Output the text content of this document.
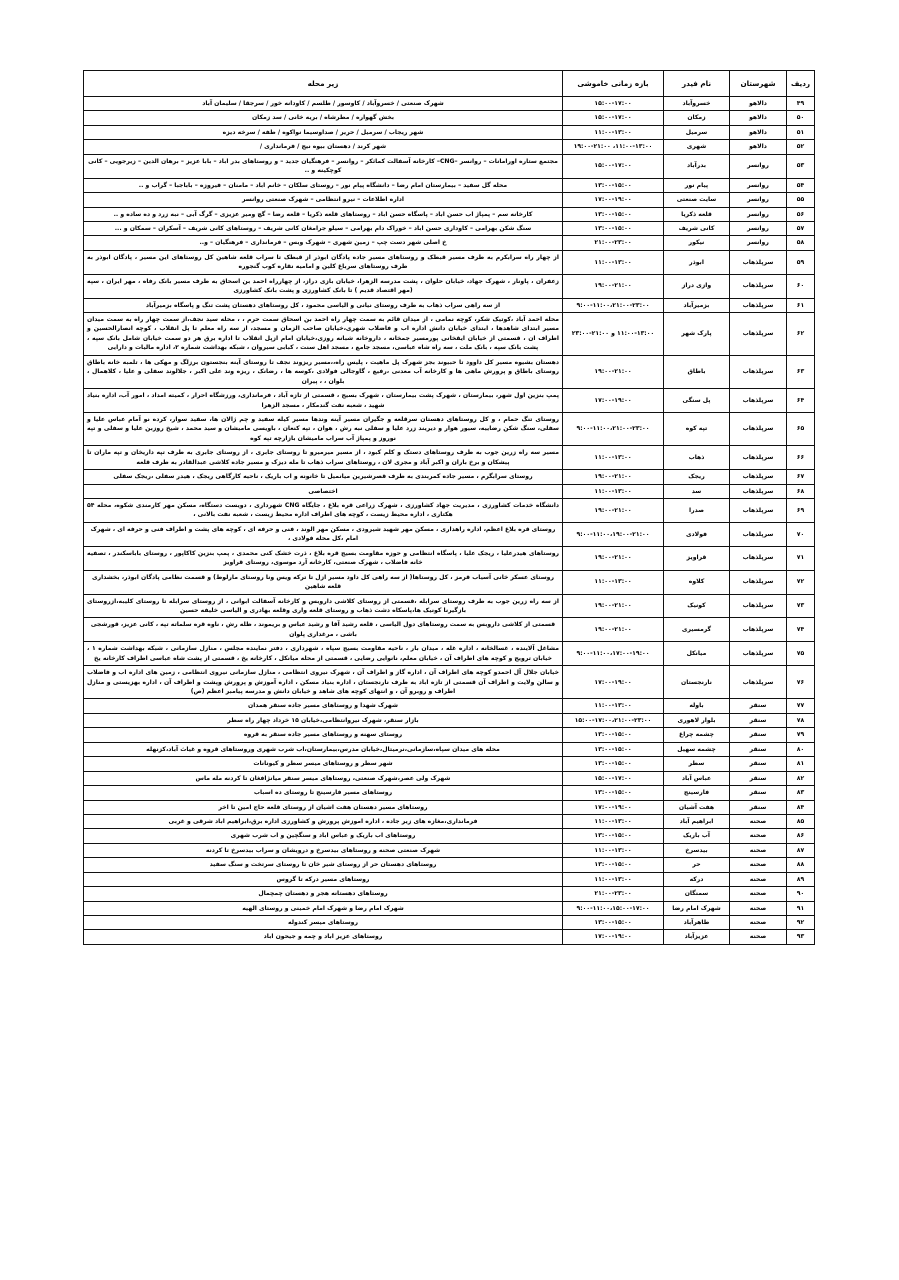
ردیف	شهرستان	نام فیدر	بازه زمانی خاموشی	زیر محله
۴۹	دالاهو	خسروآباد	۱۵:۰۰-۱۷:۰۰	شهرک صنعتی / خسروآباد / کاوسور / طلسم / کاودانه خور / سرجقا / سلیمان آباد
۵۰	دالاهو	زمکان	۱۵:۰۰-۱۷:۰۰	بخش گهواره / مطرشاه / بریه خانی / سد زمکان
۵۱	دالاهو	سرمیل	۱۱:۰۰-۱۳:۰۰	شهر ریجاب / سرمیل / حریر / صداوسیما نواکوه / طفه / سرخه دیزه
۵۲	دالاهو	شهری	۱۱:۰۰-۱۳:۰۰، ۱۹:۰۰-۲۱:۰۰	شهر کرند / دهستان بیوه نیج / فرمانداری /
۵۳	روانسر	بدرآباد	۱۵:۰۰-۱۷:۰۰	مجتمع ستاره اورامانات – روانسر –CNG– کارخانه آسفالت کماثکر – روانسر – فرهنگیان جدید – و روستاهای بدر اباد – بابا عزیز – برهان الدین – زیرجویی – کانی کوچکینه و ..
۵۴	روانسر	پیام نور	۱۳:۰۰-۱۵:۰۰	محله گل سفید – بیمارستان امام رضا – دانشگاه پیام نور – روستای سلکان – خانم اباد – مامنان – فیروزه – باباجبا – گراب و ..
۵۵	روانسر	سایت صنعتی	۱۷:۰۰-۱۹:۰۰	اداره اطلاعات – نیرو انتظامی – شهرک صنعتی روانسر
۵۶	روانسر	قلعه ذکریا	۱۳:۰۰-۱۵:۰۰	کارخانه سم – پمپاژ اب حسن اباد – پاسگاه حسن اباد – روستاهای قلعه ذکریا – قلعه رضا – گچ ومیر عزیزی – گرگ آبی – نبه زرد و ده ساده و ..
۵۷	روانسر	کانی شریف	۱۳:۰۰-۱۵:۰۰	سنگ شکن بهرامی – کاوداری حسن اباد – خوراک دام بهرامی – سیلو جرامغان کانی شریف – روستاهای کانی شریف – آسکران – سمکان و ...
۵۸	روانسر	نیکور	۲۱:۰۰-۲۳:۰۰	خ اصلی شهر دست چپ – زمین شهری – شهرک وبس – فرمانداری – فرهنگیان – و..
۵۹	سرپلذهاب	ابوذر	۱۱:۰۰-۱۳:۰۰	از چهار راه سرابکرم به طرف مسیر قبطک و روستاهای مسیر جاده پادگان ابوذر از قبطک تا سراب قلعه شاهین کل روستاهای این مسیر ، پادگان ابوذر به طرف روستاهای سرباغ کلین و امامیه نقاره کوب گنجوره
۶۰	سرپلذهاب	وازی دراز	۱۹:۰۰-۲۱:۰۰	زعفران ، پاونار ، شهرک جهاد، خیابان حلوان ، پشت مدرسه الزهرا، خیابان بازی دراز، از چهارراه احمد بن اسحاق به طرف مسیر بانک رفاه ، مهر ایران ، سپه (مهر اقتصاد قدیم ) تا بانک کشاورزی و پشت بانک کشاورزی
۶۱	سرپلذهاب	بزمیرآباد	۹:۰۰-۱۱:۰۰،۲۱:۰۰-۲۳:۰۰	از سه راهی سراب ذهاب به طرف روستای نیانی و الیاسی محمود ، کل روستاهای دهستان پشت تنگ و پاسگاه بزمیرآباد
۶۲	سرپلذهاب	پارک شهر	۱۱:۰۰-۱۳:۰۰ و ۲۱:۰۰-۲۳:۰۰	محله احمد آباد ،کوتیک شکر، کوچه نمامی ، از میدان قائم به سمت چهار راه احمد بن اسحاق سمت حرم ، ، محله سید نجف،از سمت چهار راه به سمت میدان مسیر ابتدای شاهدها ، ابتدای خیابان دانش اداره اب و فاضلاب شهری،خیابان صاحب الزمان و مسجد، از سه راه معلم تا پل انقلاب ، کوچه انصارالحسین و اطراف ان ، قسمتی از خیابان ایقخانی پورمسیر جمخانه ، داروخانه شبانه روزی،خیابان امام ازپل انقلاب تا اداره برق هر دو سمت خیابان شامل بانک سپه ، پشت بانک سپه ، بانک ملت ، سه راه شاه عباسی، مسجد جامع ، مسجد اهل سنت ، کبابی سیروان ، شبکه بهداشت شماره ۲، اداره مالیات و دارایی
۶۳	سرپلذهاب	باطاق	۱۹:۰۰-۲۱:۰۰	دهستان بشیوه مسیر کل داوود تا حبیوند بجز شهرک پل ماهیت ، پلیس راه،،مسیر ریزوند نجف تا روستای آینه بنجستون برزلگ و مهکی ها ، تلمبه خانه باطاق روستای باطاق و پرورش ماهی ها و کارخانه آب معدنی ،رفیع ، گاوجالی فولادی ،کوسه ها ، رضانک ، ریزه وند علی اکبر ، جلالوند سفلی و علیا ، کلاهمال ، بلوان ، ، پیران
۶۴	سرپلذهاب	پل سنگی	۱۷:۰۰-۱۹:۰۰	پمپ بنزین اول شهر، بیمارستان ، شهرک پشت بیمارستان ، شهرک بسیج ، قسمتی از تازه آباد ، فرمانداری، ورزشگاه احرار ، کمیته امداد ، امور آب، اداره بنیاد شهید ، شعبه نفت گندمکار ، مسجد الزهرا
۶۵	سرپلذهاب	تپه کوه	۹:۰۰-۱۱:۰۰،۲۱:۰۰-۲۳:۰۰	روستای تنگ حمام ، و کل روستاهای دهستان سرقلعه و جگیران مسیر آینه وندها مسیر کیله سفید و چم ژالان ها، سفید سوار، کرده نو آمام عباس علیا و سفلی، سنگ شکن رضاییه، سیور هوار و دیریند زرد علیا و سفلی نبه رش ، هوان ، تپه کنعان ، باویسی مامیشان و سید محمد ، شیخ روزبن علیا و سفلی و تپه نوروز و پمپاژ آب سراب مامیشان بازارچه تپه کوه
۶۶	سرپلذهاب	ذهاب	۱۱:۰۰-۱۳:۰۰	مسیر سه راه زرین جوب به طرف روستاهای دستک و کلم کبود ، از مسیر میرمیرو تا روستای جابری ، از روستای جابری به طرف تپه داریخان و تپه ماران تا پیشکان و برخ باران و اکبر آباد و مجری لان ، روستاهای سراب ذهاب تا مله دیزک و مسیر جاده کلاشی عبدالقادر به طرف قلعه
۶۷	سرپلذهاب	ریجک	۱۹:۰۰-۲۱:۰۰	روستای سرابگرم ، مسیر جاده کمربندی به طرف قصرشیرین میانمیل تا خانونه و اب باریک ، ناحیه کارگاهی ریجک ، هیدر سفلی ،ریجک سفلی
۶۸	سرپلذهاب	سد	۱۱:۰۰-۱۳:۰۰	اختصاصی
۶۹	سرپلذهاب	صدرا	۱۹:۰۰-۲۱:۰۰	دانشگاه خدمات کشاورزی ، مدیریت جهاد کشاورزی ، شهرک زراعی قره بلاغ ، جایگاه CNG شهرداری ، دویست دستگاه، مسکن مهر کارمندی شکوه، محله ۵۴ هکتاری ، اداره محیط زیست ، کوچه های اطراف اداره محیط زیست ، شعبه نفت بالانی ،
۷۰	سرپلذهاب	فولادی	۹:۰۰-۱۱:۰۰،۱۹:۰۰-۲۱:۰۰	روستای قره بلاغ اعظم، اداره راهداری ، مسکن مهر شهید شیرودی ، مسکن مهر الوند ، فنی و حرفه ای ، کوچه های پشت و اطراف فنی و حرفه ای ، شهرک امام ،کل محله فولادی ،
۷۱	سرپلذهاب	قراویز	۱۹:۰۰-۲۱:۰۰	روستاهای هیدرعلیا ، ریجک علیا ، پاسگاه انتظامی و حوزه مقاومت بسیج قره بلاغ ، ذرت خشک کنی محمدی ، پمپ بنزین کاکاپور ، روستای باباسکندر ، تصفیه خانه فاضلاب ، شهرک صنعتی، کارخانه آرد موسوی، روستای قراویز
۷۲	سرپلذهاب	کلاوه	۱۱:۰۰-۱۳:۰۰	روستای عسکر خانی آسیاب قرمز ، کل روستاها( از سه راهی کل داود مسیر ازل تا ترکه ویس ونا روستای مارلوط) و قسمت نظامی پادگان ابوذر، بخشداری قلعه شاهین
۷۳	سرپلذهاب	کونیک	۱۹:۰۰-۲۱:۰۰	از سه راه زرین جوب به طرف روستای سرابله ،قسمتی از روستای کلاشی داروبس و کارخانه آسفالت ابوانی ، از روستای سرابله تا روستای کلیبه،ازروستای بازگیرنا کونیک ها،پاسکاه دشت ذهاب و روستای قلعه واری وقلعه بهادری و الیاسی خلیفه حسین
۷۴	سرپلذهاب	گرمسیری	۱۹:۰۰-۲۱:۰۰	قسمتی از کلاشی داروبس به سمت روستاهای دول الیاسی ، قلعه رشید آقا و رشید عباس و بریموند ، ظله رش ، ناوه قره سلماته تپه ، کانی عزیز، قورشجی باشی ، مرغداری پلوان
۷۵	سرپلذهاب	میانکل	۹:۰۰-۱۱:۰۰،۱۷:۰۰-۱۹:۰۰	مشاغل آلاینده ، غسالخانه ، اداره غله ، میدان بار ، ناحیه مقاومت بسیج سپاه ، شهرداری ، دفتر نماینده مجلس ، منازل سازمانی ، شبکه بهداشت شماره ۱ ، خیابان ترویج و کوچه های اطراف آن ، خیابان معلم، نانوایی رضایی ، قسمتی از محله میانکل ، کارخانه یخ ، قسمتی از پشت شاه عباسی اطراف کارخانه یخ
۷۶	سرپلذهاب	نارنجستان	۱۷:۰۰-۱۹:۰۰	خیابان جلال آل احمدو کوچه های اطراف آن ، اداره گاز و اطراف آن ، شهرک نیروی انتظامی ، منازل سازمانی نیروی انتظامی ، زمین های اداره اب و فاضلاب و سالن ولایت و اطراف آن قسمتی از تازه اباد به طرف نارنجستان ، اداره بنیاد مسکن ، اداره آموزش و پرورش وپشت و اطراف آن ، اداره بهزیستی و منازل اطراف و روبرو آن ، و انتهای کوچه های شاهد و خیابان دانش و مدرسه پیامبر اعظم (ص)
۷۷	سنقر	باوله	۱۱:۰۰-۱۳:۰۰	شهرک شهدا و روستاهای مسیر جاده سنقر همدان
۷۸	سنقر	بلوار لاهوری	۱۵:۰۰-۱۷:۰۰،۲۱:۰۰-۲۳:۰۰	بازار سنقر، شهرک نیروانتظامی،خیابان ۱۵ خرداد چهار راه سطر
۷۹	سنقر	چشمه چراغ	۱۳:۰۰-۱۵:۰۰	روستای سهنه و روستاهای مسیر جاده سنقر به قروه
۸۰	سنقر	چشمه سهیل	۱۳:۰۰-۱۵:۰۰	محله های میدان سپاه،سازمانی،نرمیتال،خیابان مدرس،بیمارستان،اب شرب شهری وروستاهای قروه و غیاث آباد،کزنهله
۸۱	سنقر	سطر	۱۳:۰۰-۱۵:۰۰	شهر سطر و روستاهای میسر سطر و کیونانات
۸۲	سنقر	عباس آباد	۱۵:۰۰-۱۷:۰۰	شهرک ولی عصر،شهرک صنعتی، روستاهای میسر سنقر میانژافغان تا کردنه مله ماس
۸۳	سنقر	فارسینج	۱۳:۰۰-۱۵:۰۰	روستاهای مسیر فارسینج تا روستای ده اسباب
۸۴	سنقر	هفت آشیان	۱۷:۰۰-۱۹:۰۰	روستاهای مسیر دهستان هفت اشیان از روستای قلعه حاج امین تا اخر
۸۵	صحنه	ابراهیم آباد	۱۱:۰۰-۱۳:۰۰	فرمانداری،مغازه های زیر جاده ، اداره اموزش پرورش و کشاورزی اداره برق،ابراهیم اباد شرقی و غربی
۸۶	صحنه	آب باریک	۱۳:۰۰-۱۵:۰۰	روستاهای اب باریک و عباس اباد و سنگچین و اب شرب شهری
۸۷	صحنه	بیدسرخ	۱۱:۰۰-۱۳:۰۰	شهرک صنعتی صحنه و روستاهای بیدسرخ و درویشان و سراب بیدسرخ تا کردنه
۸۸	صحنه	حر	۱۳:۰۰-۱۵:۰۰	روستاهای دهستان حر از روستای شیر خان تا روستای سرتخت و سنگ سفید
۸۹	صحنه	درکه	۱۱:۰۰-۱۳:۰۰	روستاهای مسیر درکه تا گروس
۹۰	صحنه	سمنگان	۲۱:۰۰-۲۳:۰۰	روستاهای دهستانه هجر و دهستان چمچمال
۹۱	صحنه	شهرک امام رضا	۹:۰۰-۱۱:۰۰،۱۵:۰۰-۱۷:۰۰	شهرک امام رضا و شهرک امام خمینی و روستای الهیه
۹۲	صحنه	طاهرآباد	۱۳:۰۰-۱۵:۰۰	روستاهای میسر کندوله
۹۳	صحنه	عزیزآباد	۱۷:۰۰-۱۹:۰۰	روستاهای عزیز اباد و چمه و جیحون اباد
